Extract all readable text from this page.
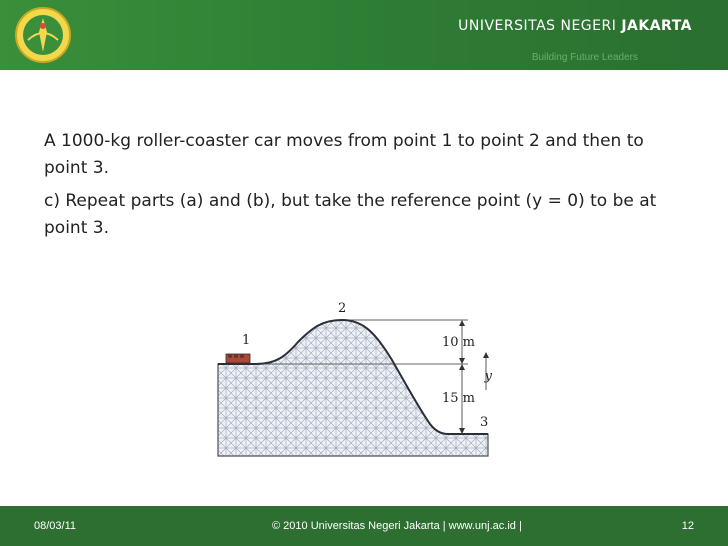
UNIVERSITAS NEGERI JAKARTA
Building Future Leaders

A 1000-kg roller-coaster car moves from point 1 to point 2 and then to point 3.

c) Repeat parts (a) and (b), but take the reference point (y = 0) to be at point 3.

1
2
3
10 m
15 m
y
08/03/11	© 2010 Universitas Negeri Jakarta | www.unj.ac.id |	12
